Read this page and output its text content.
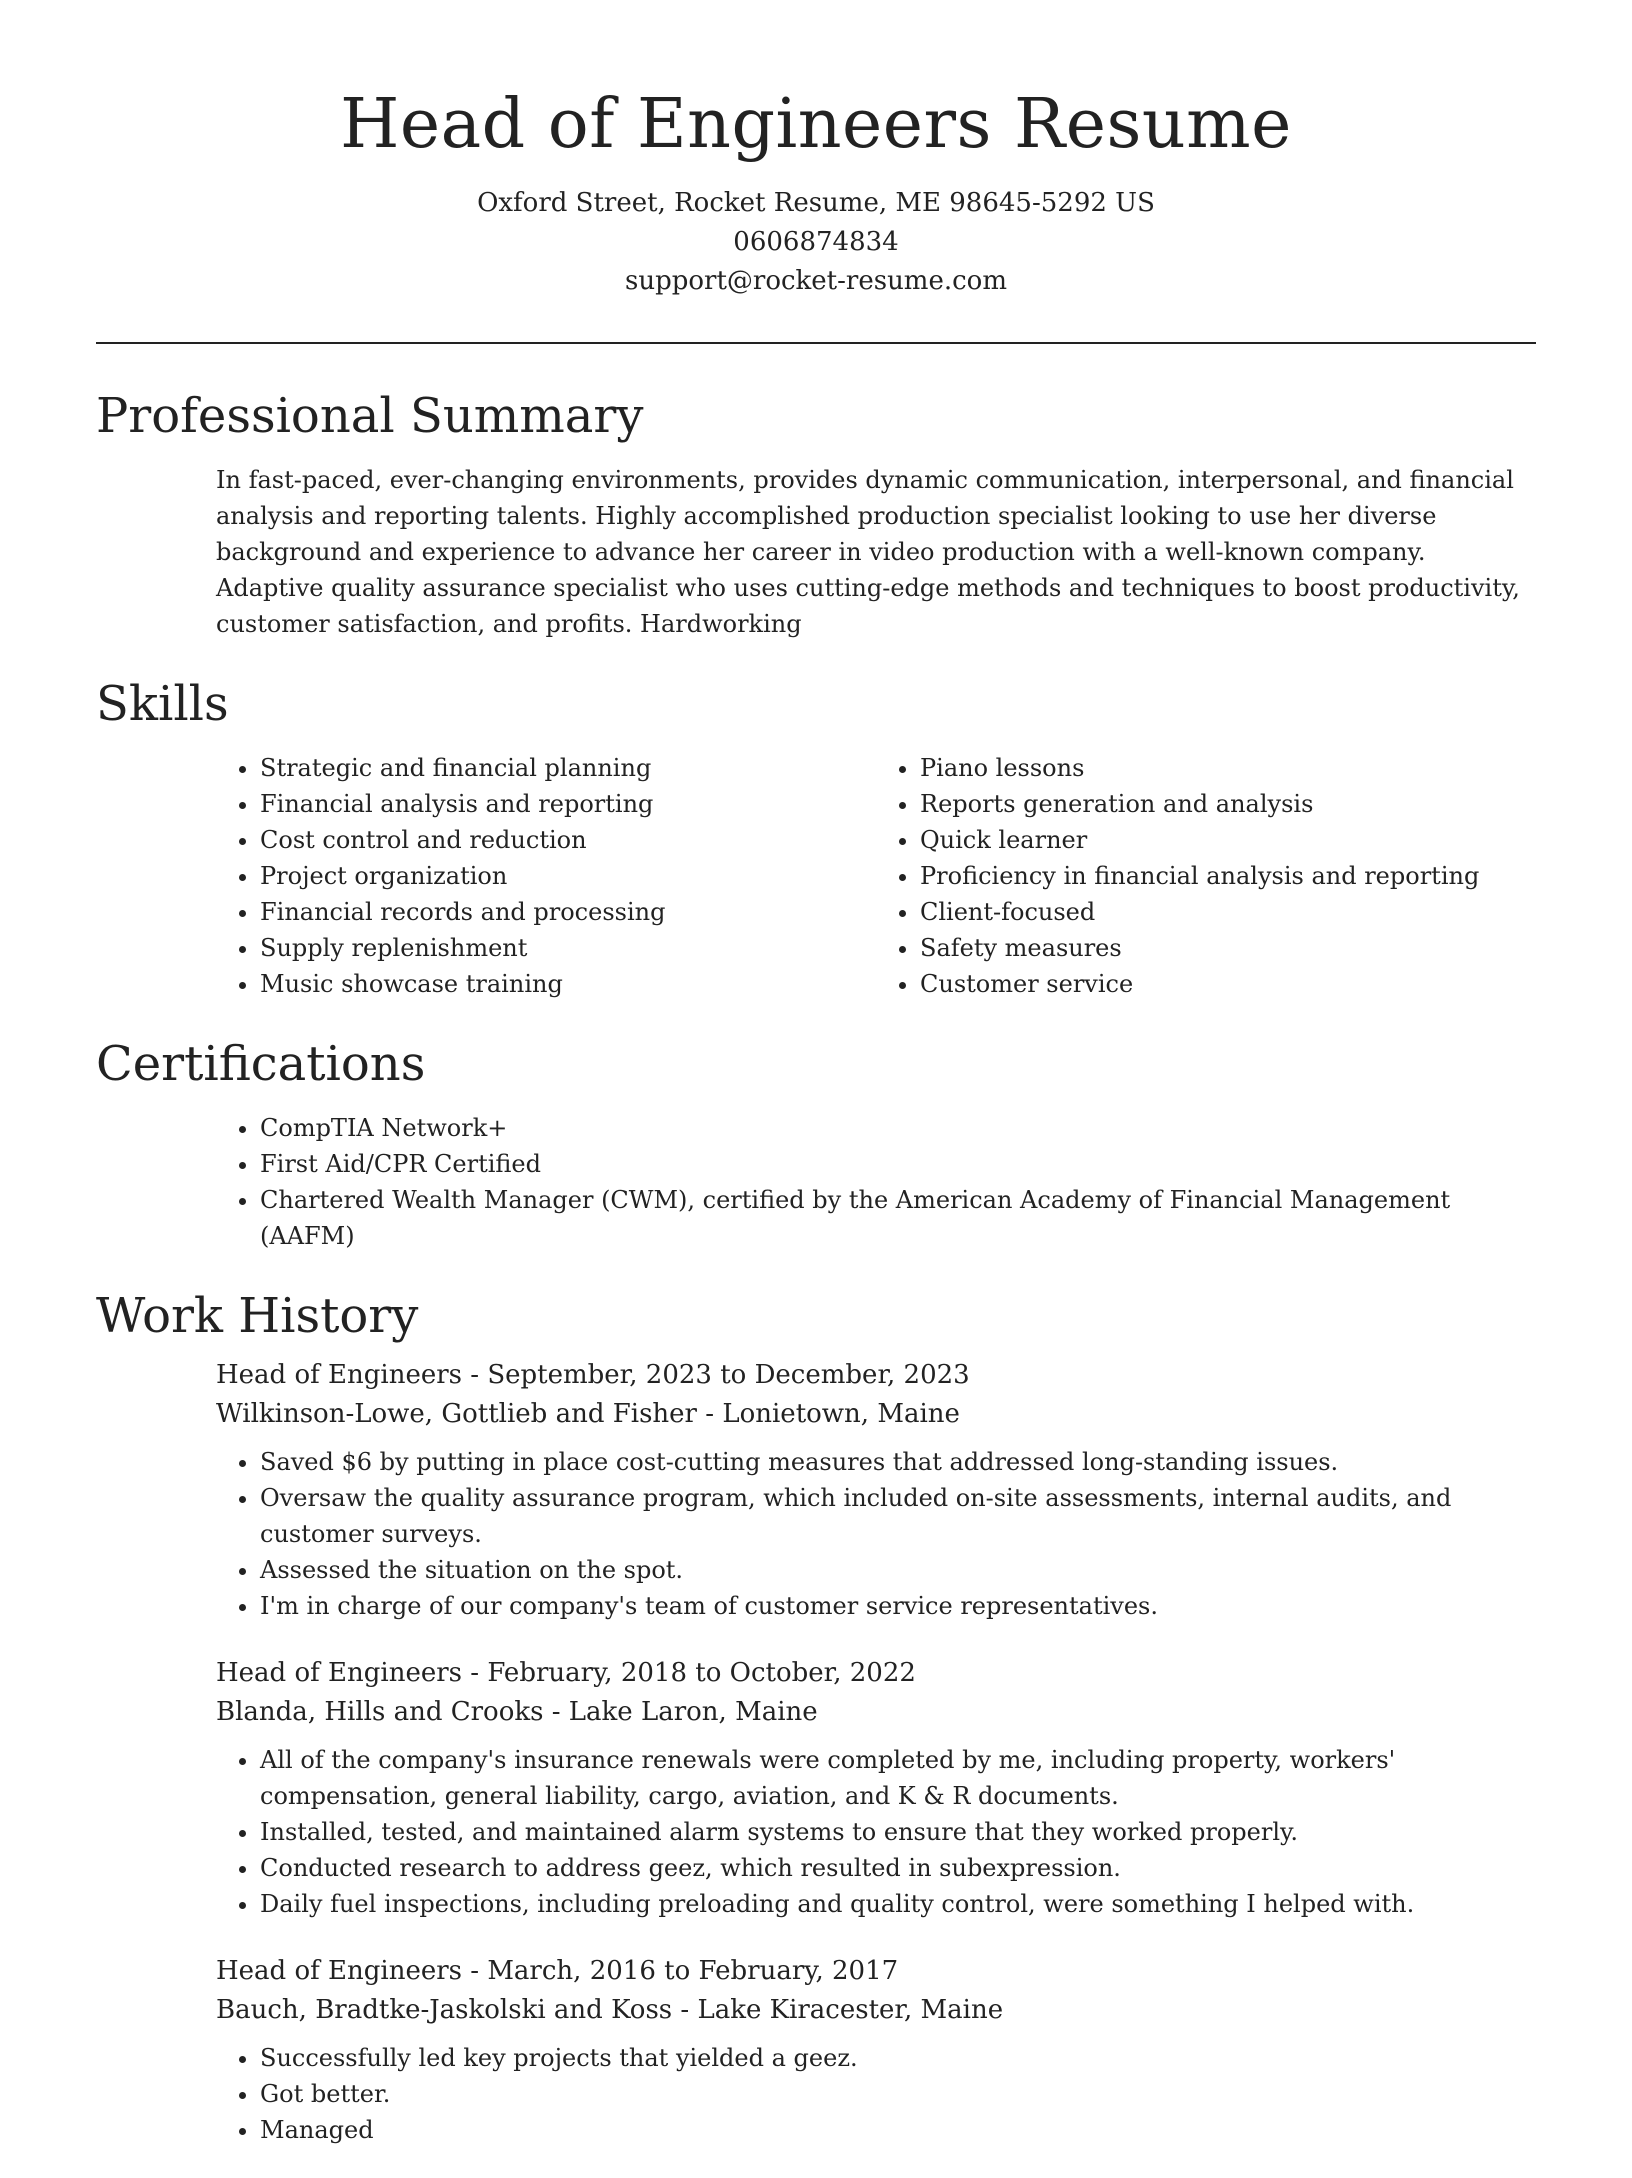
Head of Engineers Resume
Oxford Street, Rocket Resume, ME 98645-5292 US
0606874834
support@rocket-resume.com
Professional Summary

In fast-paced, ever-changing environments, provides dynamic communication, interpersonal, and financial analysis and reporting talents. Highly accomplished production specialist looking to use her diverse background and experience to advance her career in video production with a well-known company. Adaptive quality assurance specialist who uses cutting-edge methods and techniques to boost productivity, customer satisfaction, and profits. Hardworking

Skills
• Strategic and financial planning
• Financial analysis and reporting
• Cost control and reduction
• Project organization
• Financial records and processing
• Supply replenishment
• Music showcase training
• Piano lessons
• Reports generation and analysis
• Quick learner
• Proficiency in financial analysis and reporting
• Client-focused
• Safety measures
• Customer service
Certifications
• CompTIA Network+
• First Aid/CPR Certified
• Chartered Wealth Manager (CWM), certified by the American Academy of Financial Management (AAFM)
Work History
Head of Engineers - September, 2023 to December, 2023
Wilkinson-Lowe, Gottlieb and Fisher - Lonietown, Maine
• Saved $6 by putting in place cost-cutting measures that addressed long-standing issues.
• Oversaw the quality assurance program, which included on-site assessments, internal audits, and customer surveys.
• Assessed the situation on the spot.
• I'm in charge of our company's team of customer service representatives.
Head of Engineers - February, 2018 to October, 2022
Blanda, Hills and Crooks - Lake Laron, Maine
• All of the company's insurance renewals were completed by me, including property, workers' compensation, general liability, cargo, aviation, and K & R documents.
• Installed, tested, and maintained alarm systems to ensure that they worked properly.
• Conducted research to address geez, which resulted in subexpression.
• Daily fuel inspections, including preloading and quality control, were something I helped with.
Head of Engineers - March, 2016 to February, 2017
Bauch, Bradtke-Jaskolski and Koss - Lake Kiracester, Maine
• Successfully led key projects that yielded a geez.
• Got better.
• Managed
